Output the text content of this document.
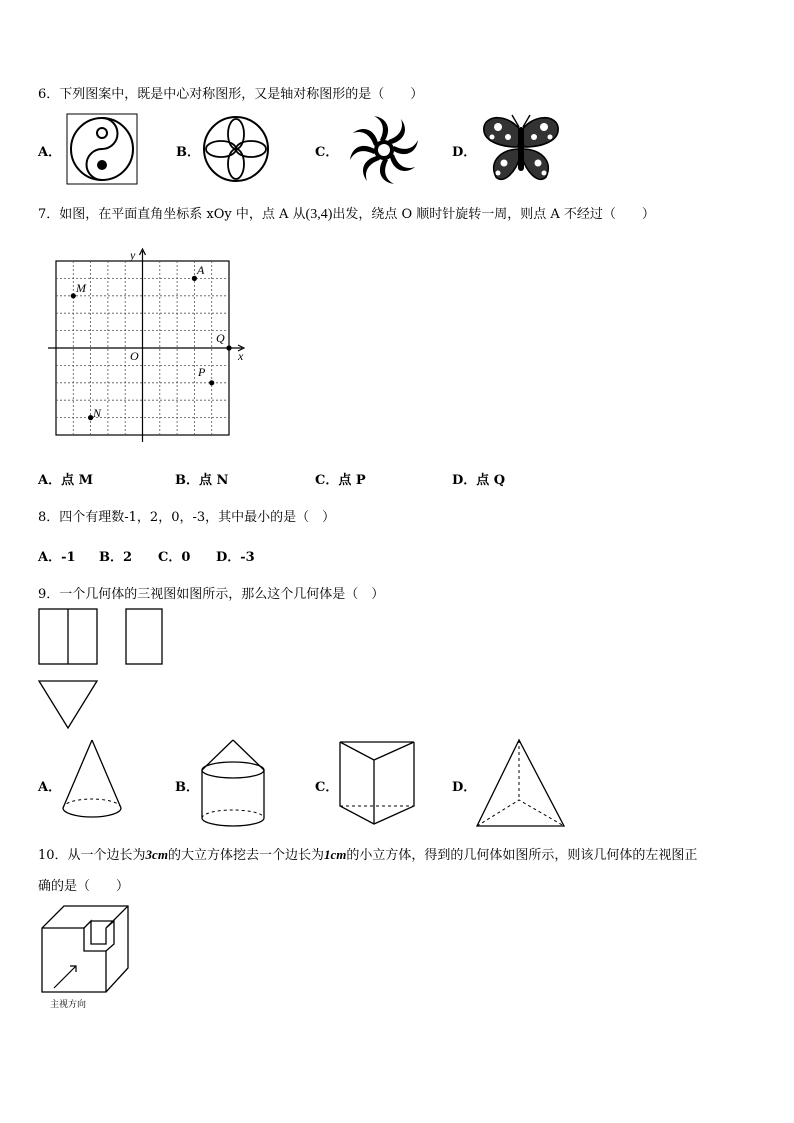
6．下列图案中，既是中心对称图形，又是轴对称图形的是（　　）
A．	B．	C．	D．
7．如图，在平面直角坐标系 xOy 中，点 A 从(3,4)出发，绕点 O 顺时针旋转一周，则点 A 不经过（　　）
y
x
O
A
M
Q
P
N
A．点 M	B．点 N	C．点 P	D．点 Q
8．四个有理数-1，2，0，-3，其中最小的是（　）
A．-1 B．2 C．0 D．-3
9．一个几何体的三视图如图所示，那么这个几何体是（　）
A．	B．	C．	D．
10．从一个边长为3cm的大立方体挖去一个边长为1cm的小立方体，得到的几何体如图所示，则该几何体的左视图正
确的是（　　）
主视方向
